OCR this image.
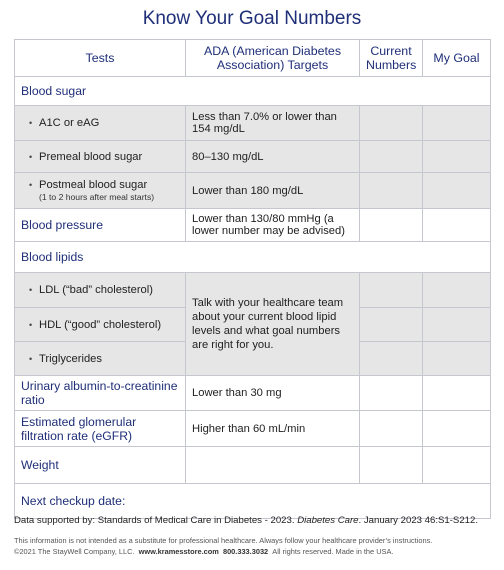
Know Your Goal Numbers
Tests	ADA (American Diabetes Association) Targets	Current Numbers	My Goal
Blood sugar			
• A1C or eAG	Less than 7.0% or lower than 154 mg/dL		
• Premeal blood sugar	80–130 mg/dL		
• Postmeal blood sugar
(1 to 2 hours after meal starts)	Lower than 180 mg/dL		
Blood pressure	Lower than 130/80 mmHg (a lower number may be advised)		
Blood lipids			
• LDL (“bad” cholesterol)	Talk with your healthcare team about your current blood lipid levels and what goal numbers are right for you.		
• HDL (“good” cholesterol)			
• Triglycerides			
Urinary albumin-to-creatinine ratio	Lower than 30 mg		
Estimated glomerular filtration rate (eGFR)	Higher than 60 mL/min		
Weight			
Next checkup date:			
Data supported by: Standards of Medical Care in Diabetes - 2023. Diabetes Care. January 2023 46:S1-S212.
This information is not intended as a substitute for professional healthcare. Always follow your healthcare provider’s instructions.
©2021 The StayWell Company, LLC. www.kramesstore.com 800.333.3032 All rights reserved. Made in the USA.
